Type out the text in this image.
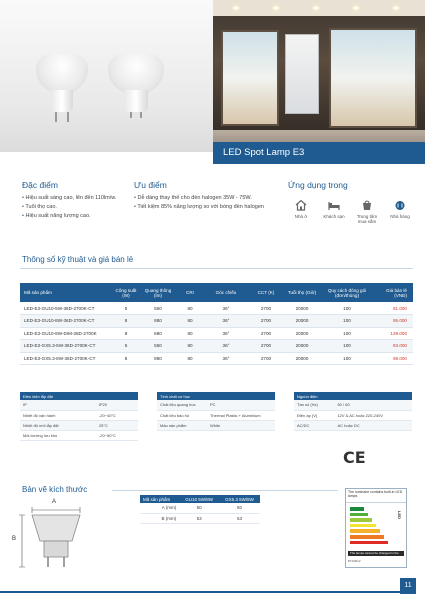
LED Spot Lamp E3
Đặc điểm
• Hiệu suất sáng cao, lên đến 110lm/w.
• Tuổi thọ cao.
• Hiệu suất năng lượng cao.
Ưu điểm
• Dễ dàng thay thế cho đèn halogen 35W - 75W.
• Tiết kiệm 85% năng lượng so với bóng đèn halogen
Ứng dụng trong
Nhà ở	Khách sạn	Trung tâm mua sắm
Nhà hàng
Thông số kỹ thuật và giá bán lẻ
Mã sản phẩm	Công suất (W)	Quang thông (lm)	CRI	Góc chiếu	CCT (K)	Tuổi thọ (Giờ)	Quy cách đóng gói (đơn/thùng)	Giá bán lẻ (VNĐ)
LED-E3-GU10-5W-36D-2700K-CT	5	550	80	36°	2700	20000	100	81.000
LED-E3-GU10-8W-36D-2700K-CT	8	880	80	36°	2700	20000	100	95.000
LED-E3-GU10-8W-DIM-36D-2700K	8	880	80	36°	2700	20000	100	139.000
LED-E3-GX5.3-5W-36D-2700K-CT	5	550	80	36°	2700	20000	100	83.000
LED-E3-GX5.3-8W-36D-2700K-CT	8	880	80	36°	2700	20000	100	98.000
Điều kiện lắp đặt	
IP	IP20
Nhiệt độ vận hành	-20~40°C
Nhiệt độ môi lắp đặt	25°C
Môi trường lưu kho	-20~50°C
Tính chất cơ học	
Chất liệu quang học	PC
Chất liệu bảo hộ	Thermal Plastic + Aluminium
Màu sản phẩm	White
Nguồn điện	
Tần số (Hz)	50 / 60
Điện áp (V)	12V & AC hoặc 220-240V
AC/DC	AC hoặc DC
CE
Bản vẽ kích thước
A
B
Mã sản phẩm	GU10 5W/8W	GX5.3 5W/8W
A (mm)	50	50
B (mm)	53	53
The luminaire contains built-in LED lamps
LED
The lamps cannot be changed in the luminaire.
874/2012
11
